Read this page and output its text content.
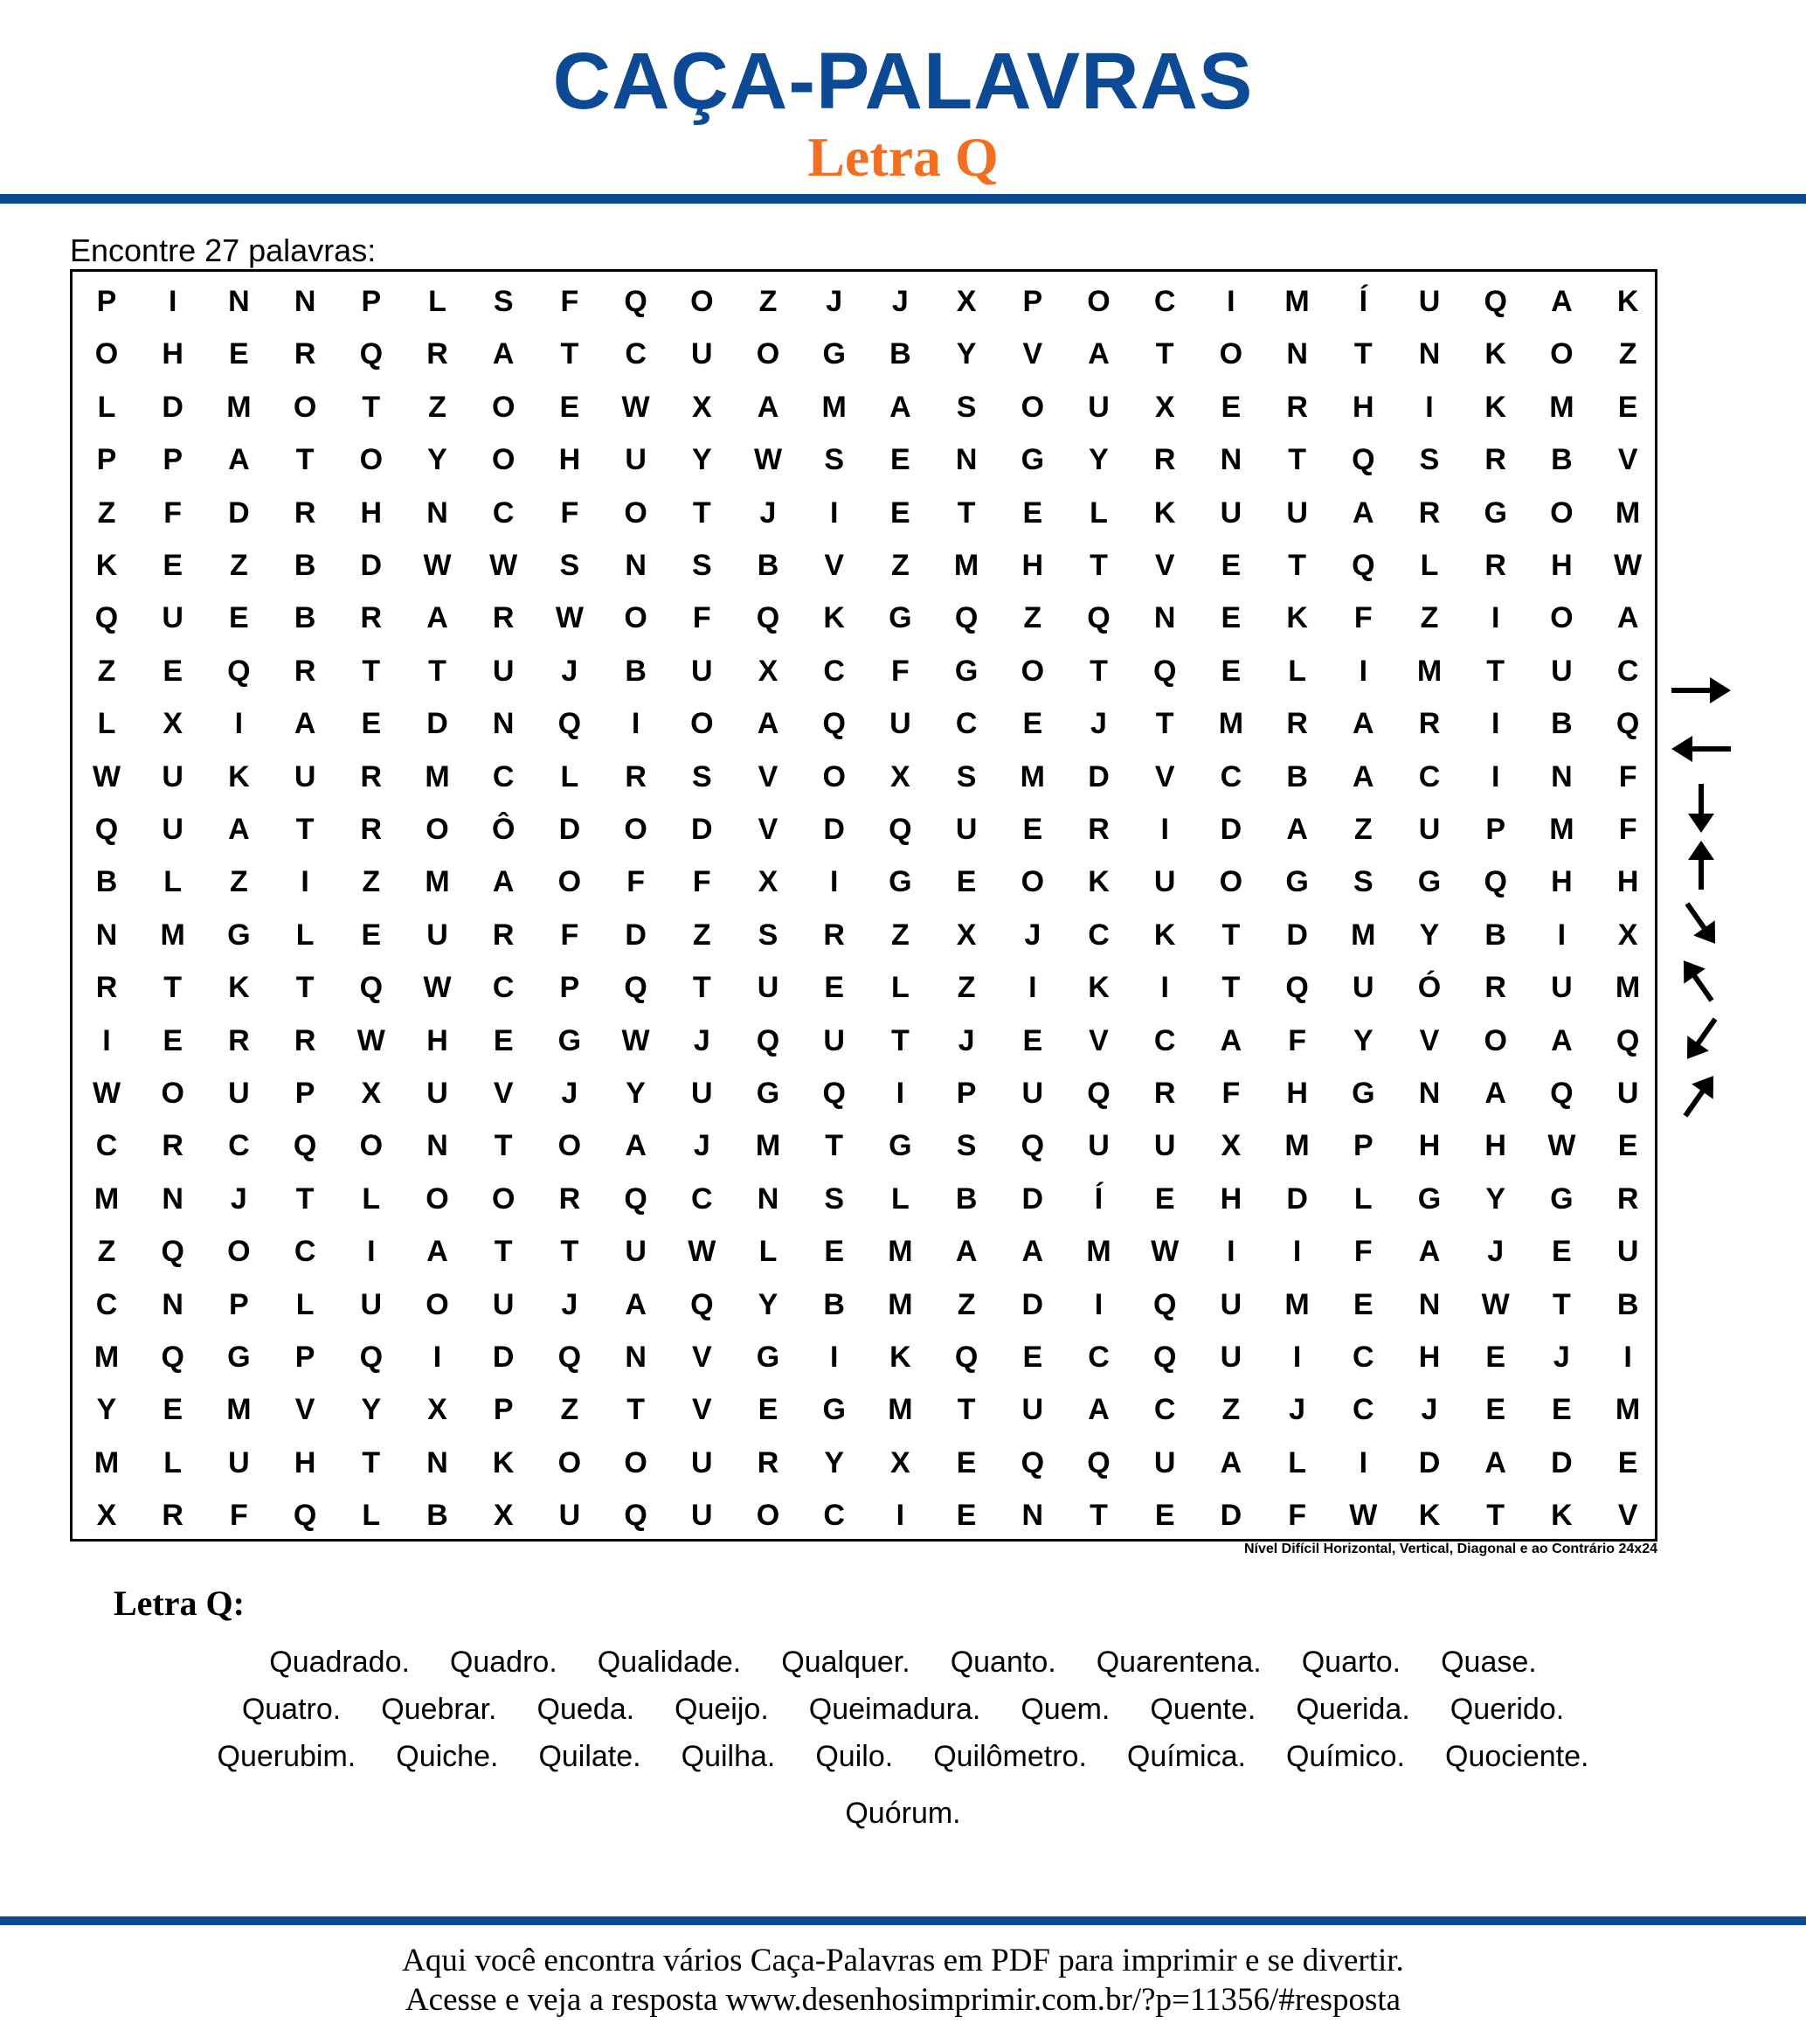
CAÇA-PALAVRAS
Letra Q
Encontre 27 palavras:
P	I	N	N	P	L	S	F	Q	O	Z	J	J	X	P	O	C	I	M	Í	U	Q	A	K
O	H	E	R	Q	R	A	T	C	U	O	G	B	Y	V	A	T	O	N	T	N	K	O	Z
L	D	M	O	T	Z	O	E	W	X	A	M	A	S	O	U	X	E	R	H	I	K	M	E
P	P	A	T	O	Y	O	H	U	Y	W	S	E	N	G	Y	R	N	T	Q	S	R	B	V
Z	F	D	R	H	N	C	F	O	T	J	I	E	T	E	L	K	U	U	A	R	G	O	M
K	E	Z	B	D	W	W	S	N	S	B	V	Z	M	H	T	V	E	T	Q	L	R	H	W
Q	U	E	B	R	A	R	W	O	F	Q	K	G	Q	Z	Q	N	E	K	F	Z	I	O	A
Z	E	Q	R	T	T	U	J	B	U	X	C	F	G	O	T	Q	E	L	I	M	T	U	C
L	X	I	A	E	D	N	Q	I	O	A	Q	U	C	E	J	T	M	R	A	R	I	B	Q
W	U	K	U	R	M	C	L	R	S	V	O	X	S	M	D	V	C	B	A	C	I	N	F
Q	U	A	T	R	O	Ô	D	O	D	V	D	Q	U	E	R	I	D	A	Z	U	P	M	F
B	L	Z	I	Z	M	A	O	F	F	X	I	G	E	O	K	U	O	G	S	G	Q	H	H
N	M	G	L	E	U	R	F	D	Z	S	R	Z	X	J	C	K	T	D	M	Y	B	I	X
R	T	K	T	Q	W	C	P	Q	T	U	E	L	Z	I	K	I	T	Q	U	Ó	R	U	M
I	E	R	R	W	H	E	G	W	J	Q	U	T	J	E	V	C	A	F	Y	V	O	A	Q
W	O	U	P	X	U	V	J	Y	U	G	Q	I	P	U	Q	R	F	H	G	N	A	Q	U
C	R	C	Q	O	N	T	O	A	J	M	T	G	S	Q	U	U	X	M	P	H	H	W	E
M	N	J	T	L	O	O	R	Q	C	N	S	L	B	D	Í	E	H	D	L	G	Y	G	R
Z	Q	O	C	I	A	T	T	U	W	L	E	M	A	A	M	W	I	I	F	A	J	E	U
C	N	P	L	U	O	U	J	A	Q	Y	B	M	Z	D	I	Q	U	M	E	N	W	T	B
M	Q	G	P	Q	I	D	Q	N	V	G	I	K	Q	E	C	Q	U	I	C	H	E	J	I
Y	E	M	V	Y	X	P	Z	T	V	E	G	M	T	U	A	C	Z	J	C	J	E	E	M
M	L	U	H	T	N	K	O	O	U	R	Y	X	E	Q	Q	U	A	L	I	D	A	D	E
X	R	F	Q	L	B	X	U	Q	U	O	C	I	E	N	T	E	D	F	W	K	T	K	V
Nível Difícil Horizontal, Vertical, Diagonal e ao Contrário 24x24
Letra Q:
Quadrado. Quadro. Qualidade. Qualquer. Quanto. Quarentena. Quarto. Quase.
Quatro. Quebrar. Queda. Queijo. Queimadura. Quem. Quente. Querida. Querido.
Querubim. Quiche. Quilate. Quilha. Quilo. Quilômetro. Química. Químico. Quociente.
Quórum.
Aqui você encontra vários Caça-Palavras em PDF para imprimir e se divertir.
Acesse e veja a resposta www.desenhosimprimir.com.br/?p=11356/#resposta
